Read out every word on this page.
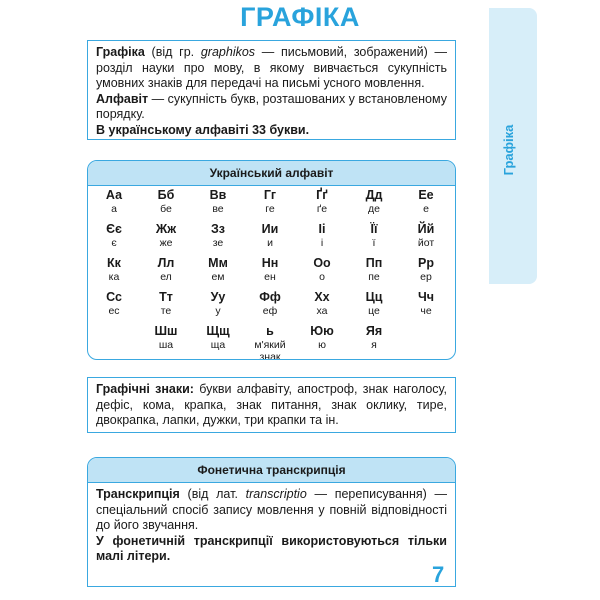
ГРАФІКА
Графіка

Графіка (від гр. graphikos — письмовий, зображений) — розділ науки про мову, в якому вивчається сукупність умовних знаків для передачі на письмі усного мовлення.

Алфавіт — сукупність букв, розташованих у встановленому порядку.

В українському алфавіті 33 букви.

Український алфавіт
Аа
а
Бб
бе
Вв
ве
Гг
ге
Ґґ
ґе
Дд
де
Ее
е
Єє
є
Жж
же
Зз
зе
Ии
и
Іі
і
Її
ї
Йй
йот
Кк
ка
Лл
ел
Мм
ем
Нн
ен
Оо
о
Пп
пе
Рр
ер
Сс
ес
Тт
те
Уу
у
Фф
еф
Хх
ха
Цц
це
Чч
че
Шш
ша
Щщ
ща
ь
м'який знак
Юю
ю
Яя
я

Графічні знаки: букви алфавіту, апостроф, знак наголосу, дефіс, кома, крапка, знак питання, знак оклику, тире, двокрапка, лапки, дужки, три крапки та ін.

Фонетична транскрипція

Транскрипція (від лат. transcriptio — переписування) — спеціальний спосіб запису мовлення у повній відповідності до його звучання.

У фонетичній транскрипції використовуються тільки малі літери.

7
